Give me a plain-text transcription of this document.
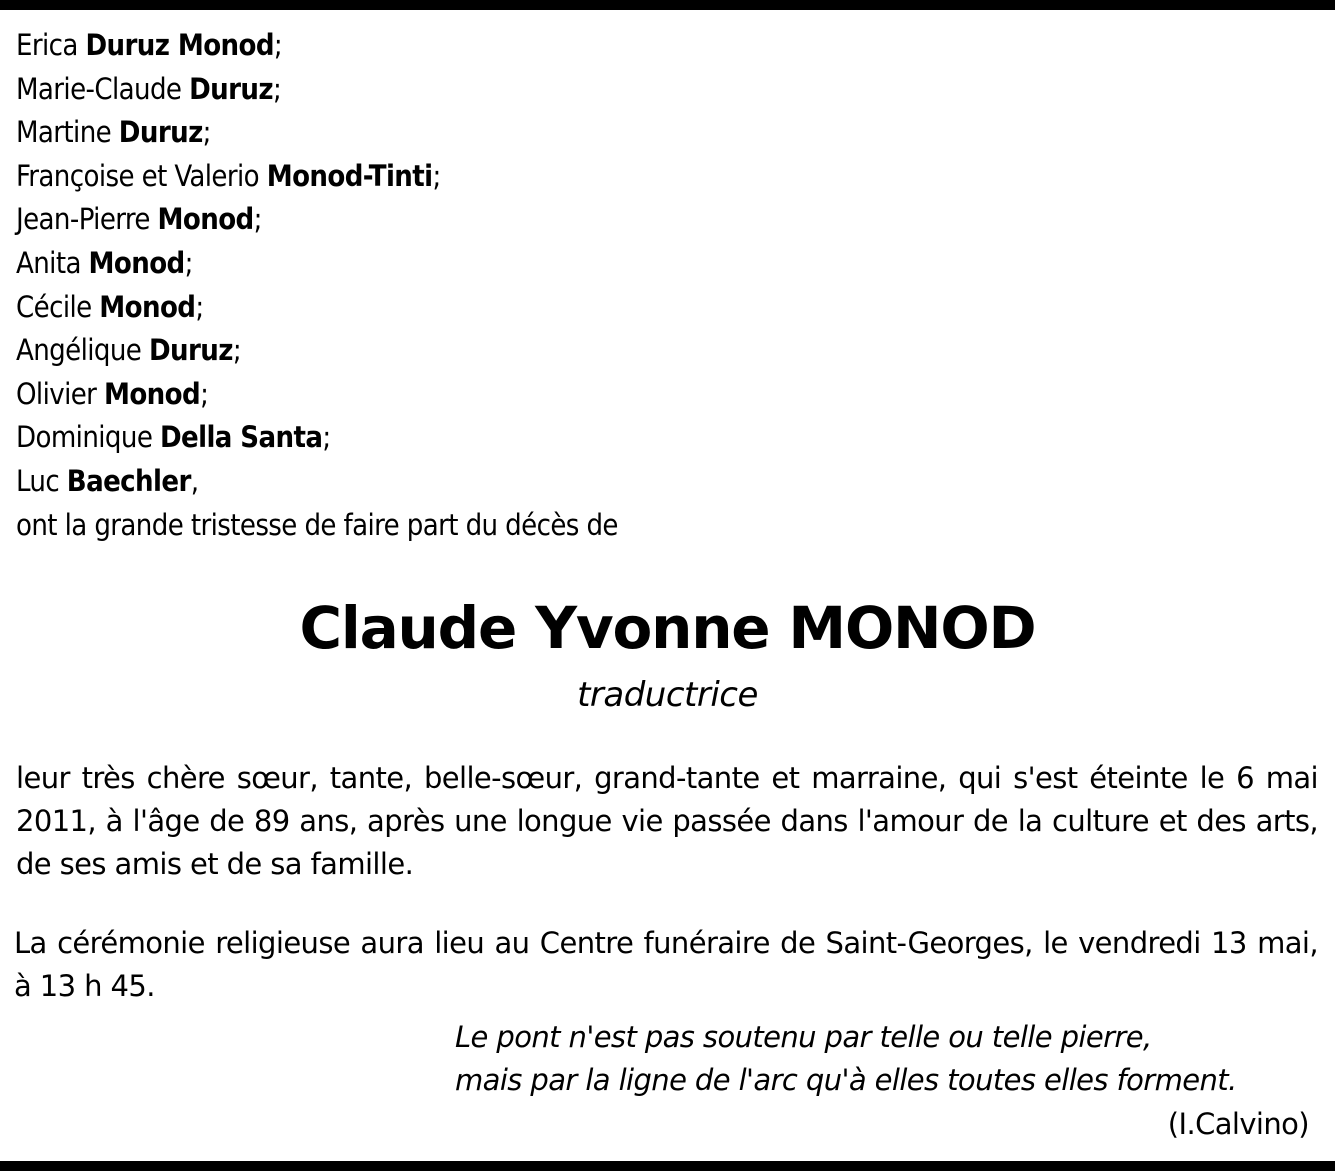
Erica Duruz Monod;
Marie-Claude Duruz;
Martine Duruz;
Françoise et Valerio Monod-Tinti;
Jean-Pierre Monod;
Anita Monod;
Cécile Monod;
Angélique Duruz;
Olivier Monod;
Dominique Della Santa;
Luc Baechler,
ont la grande tristesse de faire part du décès de
Claude Yvonne MONOD
traductrice
leur très chère sœur, tante, belle-sœur, grand-tante et marraine, qui s'est éteinte le 6 mai 2011, à l'âge de 89 ans, après une longue vie passée dans l'amour de la culture et des arts, de ses amis et de sa famille.
La cérémonie religieuse aura lieu au Centre funéraire de Saint-Georges, le vendredi 13 mai, à 13 h 45.
Le pont n'est pas soutenu par telle ou telle pierre,
mais par la ligne de l'arc qu'à elles toutes elles forment.
(I.Calvino)
